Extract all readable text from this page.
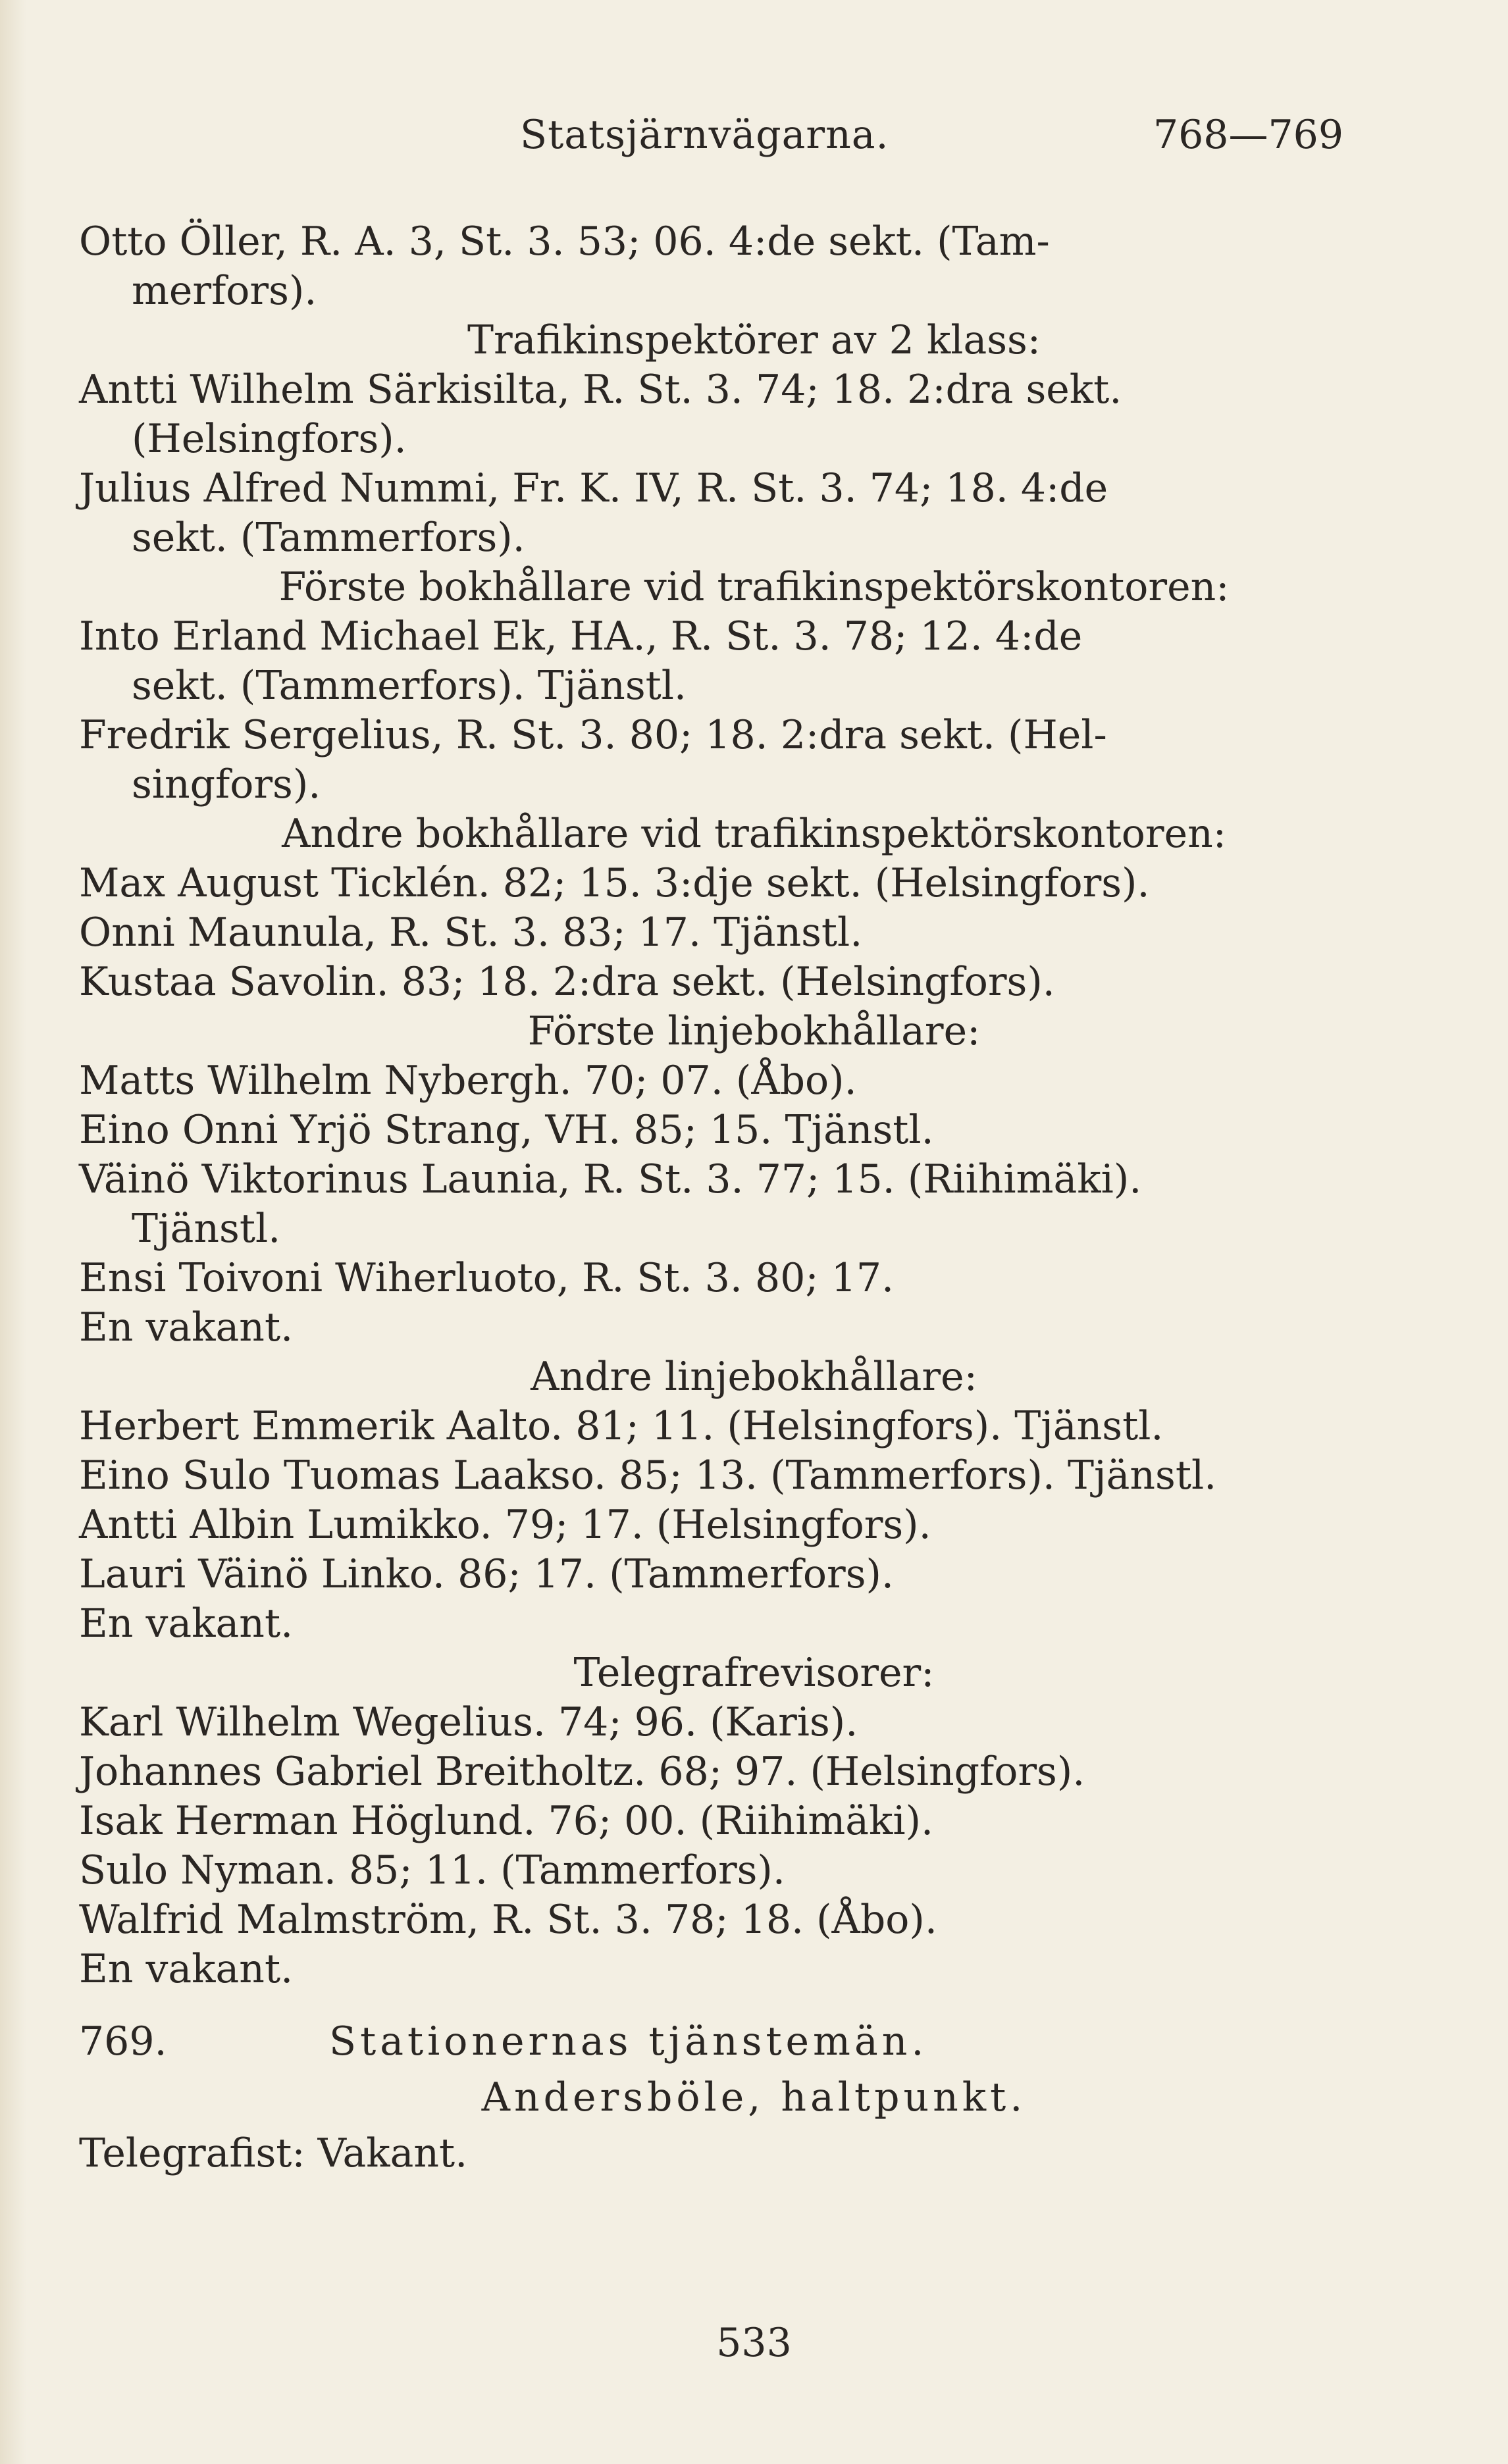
Statsjärnvägarna.	768—769
Otto Öller, R. A. 3, St. 3. 53; 06. 4:de sekt. (Tam-
merfors).
Trafikinspektörer av 2 klass:
Antti Wilhelm Särkisilta, R. St. 3. 74; 18. 2:dra sekt.
(Helsingfors).
Julius Alfred Nummi, Fr. K. IV, R. St. 3. 74; 18. 4:de
sekt. (Tammerfors).
Förste bokhållare vid trafikinspektörskontoren:
Into Erland Michael Ek, HA., R. St. 3. 78; 12. 4:de
sekt. (Tammerfors). Tjänstl.
Fredrik Sergelius, R. St. 3. 80; 18. 2:dra sekt. (Hel-
singfors).
Andre bokhållare vid trafikinspektörskontoren:
Max August Ticklén. 82; 15. 3:dje sekt. (Helsingfors).
Onni Maunula, R. St. 3. 83; 17. Tjänstl.
Kustaa Savolin. 83; 18. 2:dra sekt. (Helsingfors).
Förste linjebokhållare:
Matts Wilhelm Nybergh. 70; 07. (Åbo).
Eino Onni Yrjö Strang, VH. 85; 15. Tjänstl.
Väinö Viktorinus Launia, R. St. 3. 77; 15. (Riihimäki).
Tjänstl.
Ensi Toivoni Wiherluoto, R. St. 3. 80; 17.
En vakant.
Andre linjebokhållare:
Herbert Emmerik Aalto. 81; 11. (Helsingfors). Tjänstl.
Eino Sulo Tuomas Laakso. 85; 13. (Tammerfors). Tjänstl.
Antti Albin Lumikko. 79; 17. (Helsingfors).
Lauri Väinö Linko. 86; 17. (Tammerfors).
En vakant.
Telegrafrevisorer:
Karl Wilhelm Wegelius. 74; 96. (Karis).
Johannes Gabriel Breitholtz. 68; 97. (Helsingfors).
Isak Herman Höglund. 76; 00. (Riihimäki).
Sulo Nyman. 85; 11. (Tammerfors).
Walfrid Malmström, R. St. 3. 78; 18. (Åbo).
En vakant.
769.	Stationernas tjänstemän.
Andersböle, haltpunkt.
Telegrafist: Vakant.
533
